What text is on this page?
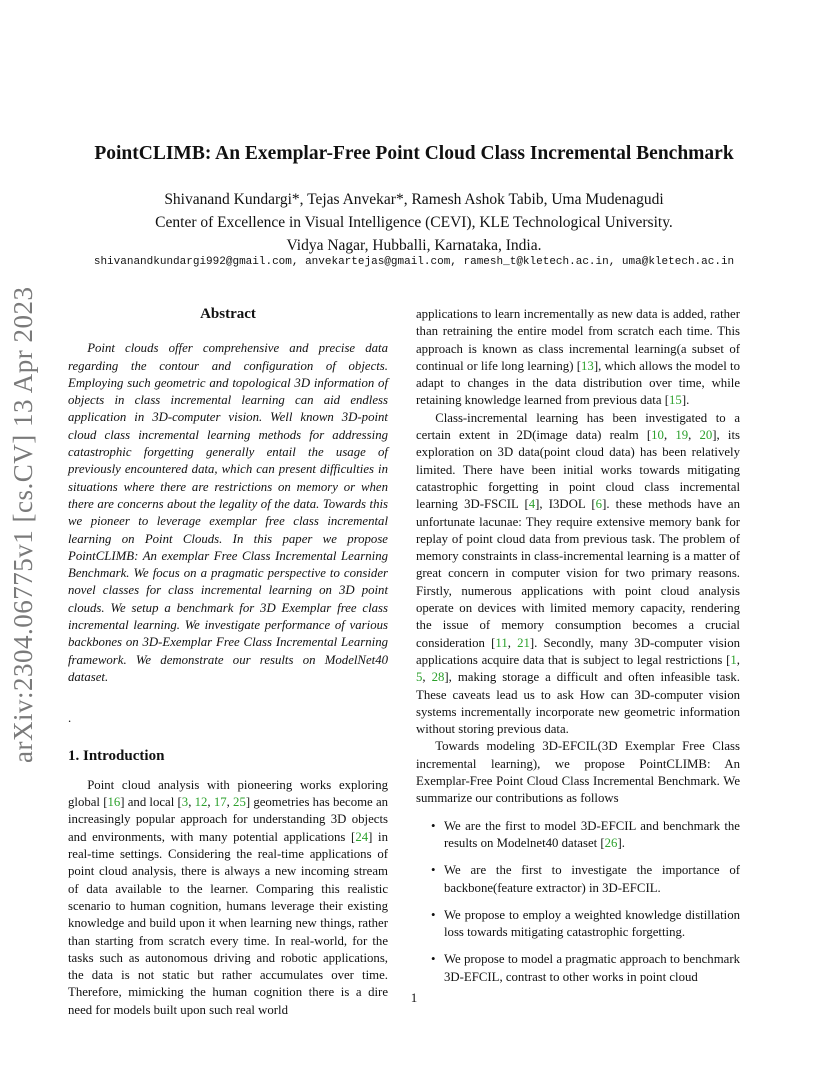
arXiv:2304.06775v1 [cs.CV] 13 Apr 2023
PointCLIMB: An Exemplar-Free Point Cloud Class Incremental Benchmark
Shivanand Kundargi*, Tejas Anvekar*, Ramesh Ashok Tabib, Uma Mudenagudi
Center of Excellence in Visual Intelligence (CEVI), KLE Technological University.
Vidya Nagar, Hubballi, Karnataka, India.
shivanandkundargi992@gmail.com, anvekartejas@gmail.com, ramesh_t@kletech.ac.in, uma@kletech.ac.in
Abstract

Point clouds offer comprehensive and precise data regarding the contour and configuration of objects. Employing such geometric and topological 3D information of objects in class incremental learning can aid endless application in 3D-computer vision. Well known 3D-point cloud class incremental learning methods for addressing catastrophic forgetting generally entail the usage of previously encountered data, which can present difficulties in situations where there are restrictions on memory or when there are concerns about the legality of the data. Towards this we pioneer to leverage exemplar free class incremental learning on Point Clouds. In this paper we propose PointCLIMB: An exemplar Free Class Incremental Learning Benchmark. We focus on a pragmatic perspective to consider novel classes for class incremental learning on 3D point clouds. We setup a benchmark for 3D Exemplar free class incremental learning. We investigate performance of various backbones on 3D-Exemplar Free Class Incremental Learning framework. We demonstrate our results on ModelNet40 dataset.

.

1. Introduction

Point cloud analysis with pioneering works exploring global [16] and local [3, 12, 17, 25] geometries has become an increasingly popular approach for understanding 3D objects and environments, with many potential applications [24] in real-time settings. Considering the real-time applications of point cloud analysis, there is always a new incoming stream of data available to the learner. Comparing this realistic scenario to human cognition, humans leverage their existing knowledge and build upon it when learning new things, rather than starting from scratch every time. In real-world, for the tasks such as autonomous driving and robotic applications, the data is not static but rather accumulates over time. Therefore, mimicking the human cognition there is a dire need for models built upon such real world

applications to learn incrementally as new data is added, rather than retraining the entire model from scratch each time. This approach is known as class incremental learning(a subset of continual or life long learning) [13], which allows the model to adapt to changes in the data distribution over time, while retaining knowledge learned from previous data [15].

Class-incremental learning has been investigated to a certain extent in 2D(image data) realm [10, 19, 20], its exploration on 3D data(point cloud data) has been relatively limited. There have been initial works towards mitigating catastrophic forgetting in point cloud class incremental learning 3D-FSCIL [4], I3DOL [6]. these methods have an unfortunate lacunae: They require extensive memory bank for replay of point cloud data from previous task. The problem of memory constraints in class-incremental learning is a matter of great concern in computer vision for two primary reasons. Firstly, numerous applications with point cloud analysis operate on devices with limited memory capacity, rendering the issue of memory consumption becomes a crucial consideration [11, 21]. Secondly, many 3D-computer vision applications acquire data that is subject to legal restrictions [1, 5, 28], making storage a difficult and often infeasible task. These caveats lead us to ask How can 3D-computer vision systems incrementally incorporate new geometric information without storing previous data.

Towards modeling 3D-EFCIL(3D Exemplar Free Class incremental learning), we propose PointCLIMB: An Exemplar-Free Point Cloud Class Incremental Benchmark. We summarize our contributions as follows

• We are the first to model 3D-EFCIL and benchmark the results on Modelnet40 dataset [26].
• We are the first to investigate the importance of backbone(feature extractor) in 3D-EFCIL.
• We propose to employ a weighted knowledge distillation loss towards mitigating catastrophic forgetting.
• We propose to model a pragmatic approach to benchmark 3D-EFCIL, contrast to other works in point cloud
1
